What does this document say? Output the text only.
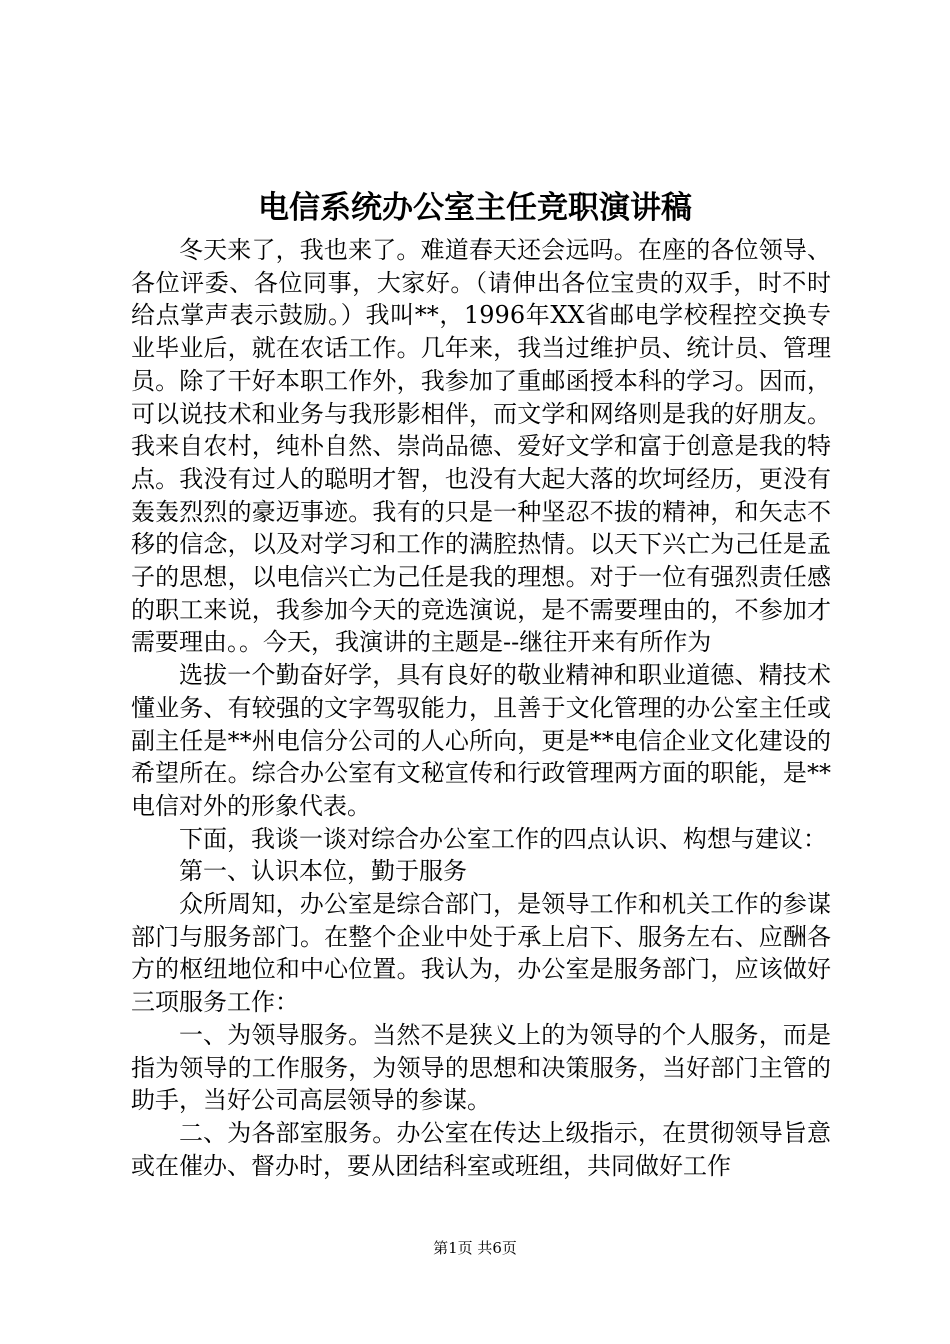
电信系统办公室主任竞职演讲稿

冬天来了，我也来了。难道春天还会远吗。在座的各位领导、各位评委、各位同事，大家好。（请伸出各位宝贵的双手，时不时给点掌声表示鼓励。）我叫**，1996年XX省邮电学校程控交换专业毕业后，就在农话工作。几年来，我当过维护员、统计员、管理员。除了干好本职工作外，我参加了重邮函授本科的学习。因而，可以说技术和业务与我形影相伴，而文学和网络则是我的好朋友。我来自农村，纯朴自然、崇尚品德、爱好文学和富于创意是我的特点。我没有过人的聪明才智，也没有大起大落的坎坷经历，更没有轰轰烈烈的豪迈事迹。我有的只是一种坚忍不拔的精神，和矢志不移的信念，以及对学习和工作的满腔热情。以天下兴亡为己任是孟子的思想，以电信兴亡为己任是我的理想。对于一位有强烈责任感的职工来说，我参加今天的竞选演说，是不需要理由的，不参加才需要理由。。今天，我演讲的主题是--继往开来有所作为

选拔一个勤奋好学，具有良好的敬业精神和职业道德、精技术懂业务、有较强的文字驾驭能力，且善于文化管理的办公室主任或副主任是**州电信分公司的人心所向，更是**电信企业文化建设的希望所在。综合办公室有文秘宣传和行政管理两方面的职能，是**电信对外的形象代表。

下面，我谈一谈对综合办公室工作的四点认识、构想与建议：

第一、认识本位，勤于服务

众所周知，办公室是综合部门，是领导工作和机关工作的参谋部门与服务部门。在整个企业中处于承上启下、服务左右、应酬各方的枢纽地位和中心位置。我认为，办公室是服务部门，应该做好三项服务工作：

一、为领导服务。当然不是狭义上的为领导的个人服务，而是指为领导的工作服务，为领导的思想和决策服务，当好部门主管的助手，当好公司高层领导的参谋。

二、为各部室服务。办公室在传达上级指示，在贯彻领导旨意或在催办、督办时，要从团结科室或班组，共同做好工作

第1页 共6页
